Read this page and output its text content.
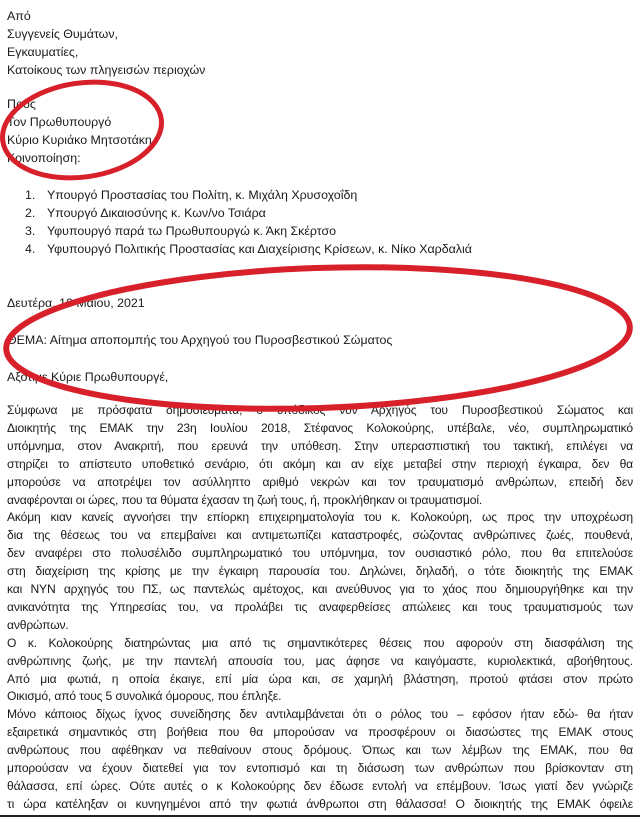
Από
Συγγενείς Θυμάτων,
Εγκαυματίες,
Κατοίκους των πληγεισών περιοχών
Προς
Τον Πρωθυπουργό
Κύριο Κυριάκο Μητσοτάκη
Κοινοποίηση:
1. Υπουργό Προστασίας του Πολίτη, κ. Μιχάλη Χρυσοχοΐδη
2. Υπουργό Δικαιοσύνης κ. Κων/νο Τσιάρα
3. Υφυπουργό παρά τω Πρωθυπουργώ κ. Άκη Σκέρτσο
4. Υφυπουργό Πολιτικής Προστασίας και Διαχείρισης Κρίσεων, κ. Νίκο Χαρδαλιά
Δευτέρα, 10 Μαΐου, 2021
ΘΕΜΑ: Αίτημα αποπομπής του Αρχηγού του Πυροσβεστικού Σώματος
Αξότιμε Κύριε Πρωθυπουργέ,
Σύμφωνα με πρόσφατα δημοσιεύματα, ο υπόδικος νυν Αρχηγός του Πυροσβεστικού Σώματος και
Διοικητής της ΕΜΑΚ την 23η Ιουλίου 2018, Στέφανος Κολοκούρης, υπέβαλε, νέο, συμπληρωματικό
υπόμνημα, στον Ανακριτή, που ερευνά την υπόθεση. Στην υπερασπιστική του τακτική, επιλέγει να
στηρίζει το απίστευτο υποθετικό σενάριο, ότι ακόμη και αν είχε μεταβεί στην περιοχή έγκαιρα, δεν θα
μπορούσε να αποτρέψει τον ασύλληπτο αριθμό νεκρών και τον τραυματισμό ανθρώπων, επειδή δεν
αναφέρονται οι ώρες, που τα θύματα έχασαν τη ζωή τους, ή, προκλήθηκαν οι τραυματισμοί.
Ακόμη κιαν κανείς αγνοήσει την επίορκη επιχειρηματολογία του κ. Κολοκούρη, ως προς την υποχρέωση
δια της θέσεως του να επεμβαίνει και αντιμετωπίζει καταστροφές, σώζοντας ανθρώπινες ζωές, πουθενά,
δεν αναφέρει στο πολυσέλιδο συμπληρωματικό του υπόμνημα, τον ουσιαστικό ρόλο, που θα επιτελούσε
στη διαχείριση της κρίσης με την έγκαιρη παρουσία του. Δηλώνει, δηλαδή, ο τότε διοικητής της ΕΜΑΚ
και ΝΥΝ αρχηγός του ΠΣ, ως παντελώς αμέτοχος, και ανεύθυνος για το χάος που δημιουργήθηκε και την
ανικανότητα της Υπηρεσίας του, να προλάβει τις αναφερθείσες απώλειες και τους τραυματισμούς των
ανθρώπων.
Ο κ. Κολοκούρης διατηρώντας μια από τις σημαντικότερες θέσεις που αφορούν στη διασφάλιση της
ανθρώπινης ζωής, με την παντελή απουσία του, μας άφησε να καιγόμαστε, κυριολεκτικά, αβοήθητους.
Από μια φωτιά, η οποία έκαιγε, επί μία ώρα και, σε χαμηλή βλάστηση, προτού φτάσει στον πρώτο
Οικισμό, από τους 5 συνολικά όμορους, που έπληξε.
Μόνο κάποιος δίχως ίχνος συνείδησης δεν αντιλαμβάνεται ότι ο ρόλος του – εφόσον ήταν εδώ- θα ήταν
εξαιρετικά σημαντικός στη βοήθεια που θα μπορούσαν να προσφέρουν οι διασώστες της ΕΜΑΚ στους
ανθρώπους που αφέθηκαν να πεθαίνουν στους δρόμους. Όπως και των λέμβων της ΕΜΑΚ, που θα
μπορούσαν να έχουν διατεθεί για τον εντοπισμό και τη διάσωση των ανθρώπων που βρίσκονταν στη
θάλασσα, επί ώρες. Ούτε αυτές ο κ Κολοκούρης δεν έδωσε εντολή να επέμβουν. Ίσως γιατί δεν γνώριζε
τι ώρα κατέληξαν οι κυνηγημένοι από την φωτιά άνθρωποι στη θάλασσα! Ο διοικητής της ΕΜΑΚ όφειλε
